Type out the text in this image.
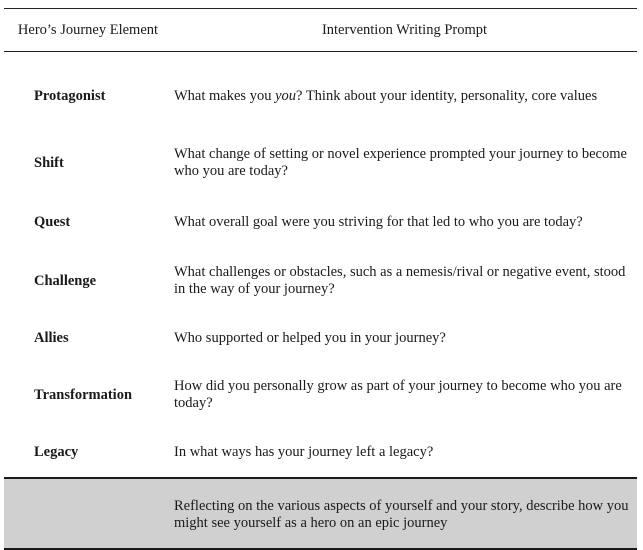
Hero’s Journey Element	Intervention Writing Prompt
Protagonist	What makes you you? Think about your identity, personality, core values
Shift	What change of setting or novel experience prompted your journey to become who you are today?
Quest	What overall goal were you striving for that led to who you are today?
Challenge	What challenges or obstacles, such as a nemesis/rival or negative event, stood in the way of your journey?
Allies	Who supported or helped you in your journey?
Transformation	How did you personally grow as part of your journey to become who you are today?
Legacy	In what ways has your journey left a legacy?
	Reflecting on the various aspects of yourself and your story, describe how you might see yourself as a hero on an epic journey
